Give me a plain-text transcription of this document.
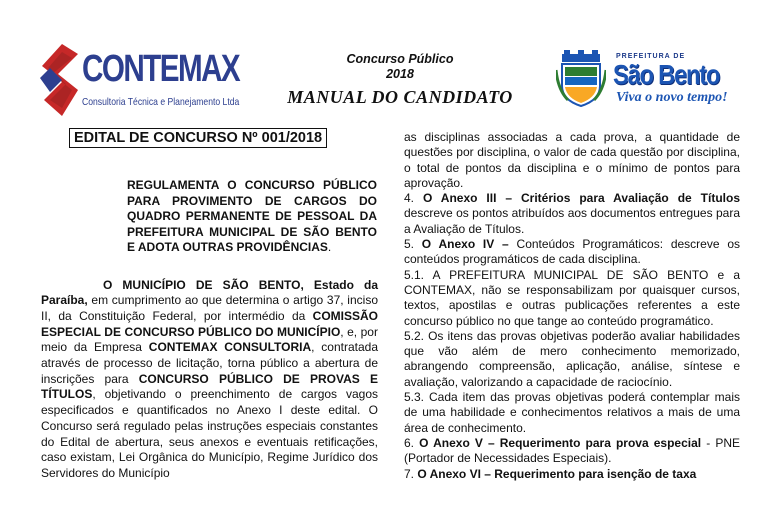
CONTEMAX
Consultoria Técnica e Planejamento Ltda
Concurso Público
2018
MANUAL DO CANDIDATO
PREFEITURA DE
São Bento
Viva o novo tempo!
EDITAL DE CONCURSO Nº 001/2018
REGULAMENTA O CONCURSO PÚBLICO PARA PROVIMENTO DE CARGOS DO QUADRO PERMANENTE DE PESSOAL DA PREFEITURA MUNICIPAL DE SÃO BENTO E ADOTA OUTRAS PROVIDÊNCIAS.
O MUNICÍPIO DE SÃO BENTO, Estado da Paraíba, em cumprimento ao que determina o artigo 37, inciso II, da Constituição Federal, por intermédio da COMISSÃO ESPECIAL DE CONCURSO PÚBLICO DO MUNICÍPIO, e, por meio da Empresa CONTEMAX CONSULTORIA, contratada através de processo de licitação, torna público a abertura de inscrições para CONCURSO PÚBLICO DE PROVAS E TÍTULOS, objetivando o preenchimento de cargos vagos especificados e quantificados no Anexo I deste edital. O Concurso será regulado pelas instruções especiais constantes do Edital de abertura, seus anexos e eventuais retificações, caso existam, Lei Orgânica do Município, Regime Jurídico dos Servidores do Município

as disciplinas associadas a cada prova, a quantidade de questões por disciplina, o valor de cada questão por disciplina, o total de pontos da disciplina e o mínimo de pontos para aprovação.

4. O Anexo III – Critérios para Avaliação de Títulos descreve os pontos atribuídos aos documentos entregues para a Avaliação de Títulos.

5. O Anexo IV – Conteúdos Programáticos: descreve os conteúdos programáticos de cada disciplina.

5.1. A PREFEITURA MUNICIPAL DE SÃO BENTO e a CONTEMAX, não se responsabilizam por quaisquer cursos, textos, apostilas e outras publicações referentes a este concurso público no que tange ao conteúdo programático.

5.2. Os itens das provas objetivas poderão avaliar habilidades que vão além de mero conhecimento memorizado, abrangendo compreensão, aplicação, análise, síntese e avaliação, valorizando a capacidade de raciocínio.

5.3. Cada item das provas objetivas poderá contemplar mais de uma habilidade e conhecimentos relativos a mais de uma área de conhecimento.

6. O Anexo V – Requerimento para prova especial - PNE (Portador de Necessidades Especiais).

7. O Anexo VI – Requerimento para isenção de taxa
